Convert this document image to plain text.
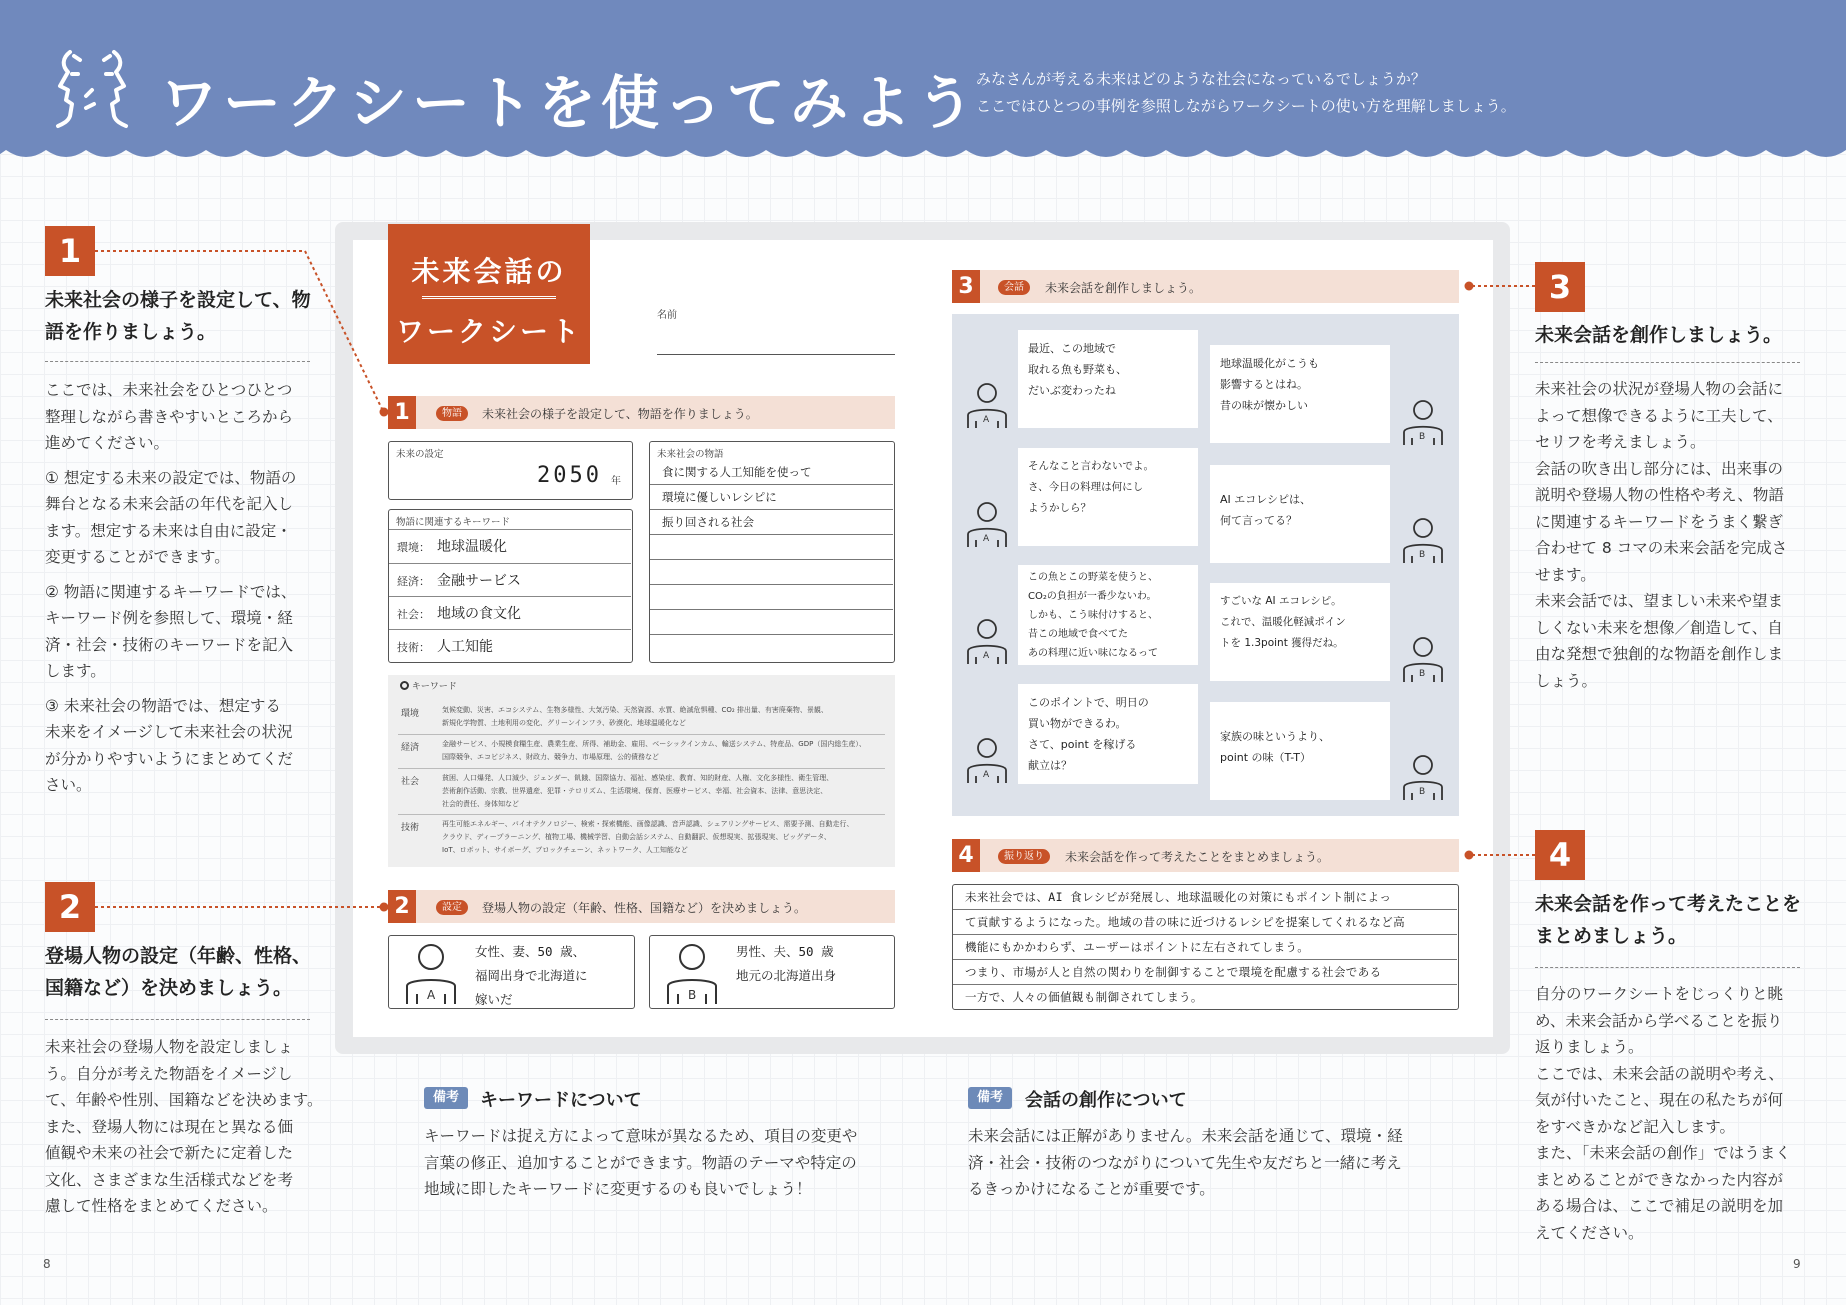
ワークシートを使ってみよう
みなさんが考える未来はどのような社会になっているでしょうか？
ここではひとつの事例を参照しながらワークシートの使い方を理解しましょう。
1
未来社会の様子を設定して、物
語を作りましょう。

ここでは、未来社会をひとつひとつ
整理しながら書きやすいところから
進めてください。

① 想定する未来の設定では、物語の
舞台となる未来会話の年代を記入し
ます。想定する未来は自由に設定・
変更することができます。

② 物語に関連するキーワードでは、
キーワード例を参照して、環境・経
済・社会・技術のキーワードを記入
します。

③ 未来社会の物語では、想定する
未来をイメージして未来社会の状況
が分かりやすいようにまとめてくだ
さい。

2
登場人物の設定（年齢、性格、
国籍など）を決めましょう。

未来社会の登場人物を設定しましょ
う。自分が考えた物語をイメージし
て、年齢や性別、国籍などを決めます。
また、登場人物には現在と異なる価
値観や未来の社会で新たに定着した
文化、さまざまな生活様式などを考
慮して性格をまとめてください。

3
未来会話を創作しましょう。

未来社会の状況が登場人物の会話に
よって想像できるように工夫して、
セリフを考えましょう。
会話の吹き出し部分には、出来事の
説明や登場人物の性格や考え、物語
に関連するキーワードをうまく繋ぎ
合わせて 8 コマの未来会話を完成さ
せます。
未来会話では、望ましい未来や望ま
しくない未来を想像／創造して、自
由な発想で独創的な物語を創作しま
しょう。

4
未来会話を作って考えたことを
まとめましょう。

自分のワークシートをじっくりと眺
め、未来会話から学べることを振り
返りましょう。
ここでは、未来会話の説明や考え、
気が付いたこと、現在の私たちが何
をすべきかなど記入します。
また、「未来会話の創作」ではうまく
まとめることができなかった内容が
ある場合は、ここで補足の説明を加
えてください。

未来会話の
ワークシート	名前
1	物語	未来社会の様子を設定して、物語を作りましょう。
未来の設定
2050 年
物語に関連するキーワード
環境： 地球温暖化
経済： 金融サービス
社会： 地域の食文化
技術： 人工知能
未来社会の物語
食に関する人工知能を使って
環境に優しいレシピに
振り回される社会
キーワード
環境	気候変動、災害、エコシステム、生物多様性、大気汚染、天然資源、水質、絶滅危惧種、CO₂ 排出量、有害廃棄物、景観、
新規化学物質、土地利用の変化、グリーンインフラ、砂漠化、地球温暖化など
経済	金融サービス、小規模食糧生産、農業生産、所得、補助金、雇用、ベーシックインカム、輸送システム、特産品、GDP（国内総生産）、
国際競争、エコビジネス、財政力、競争力、市場原理、公的債務など
社会	貧困、人口爆発、人口減少、ジェンダー、飢餓、国際協力、福祉、感染症、教育、知的財産、人権、文化多様性、衛生管理、
芸術創作活動、宗教、世界遺産、犯罪・テロリズム、生活環境、保育、医療サービス、幸福、社会資本、法律、意思決定、
社会的責任、身体知など
技術	再生可能エネルギー、バイオテクノロジー、検索・探索機能、画像認識、音声認識、シェアリングサービス、需要予測、自動走行、
クラウド、ディープラーニング、植物工場、機械学習、自動会話システム、自動翻訳、仮想現実、拡張現実、ビッグデータ、
IoT、ロボット、サイボーグ、ブロックチェーン、ネットワーク、人工知能など
2	設定	登場人物の設定（年齢、性格、国籍など）を決めましょう。
A
女性、妻、50 歳、
福岡出身で北海道に
嫁いだ	B
男性、夫、50 歳
地元の北海道出身
3	会話	未来会話を創作しましょう。
最近、この地域で
取れる魚も野菜も、
だいぶ変わったね
地球温暖化がこうも
影響するとはね。
昔の味が懐かしい
そんなこと言わないでよ。
さ、今日の料理は何にし
ようかしら？
AI エコレシピは、
何て言ってる？
この魚とこの野菜を使うと、
CO₂の負担が一番少ないわ。
しかも、こう味付けすると、
昔この地域で食べてた
あの料理に近い味になるって
すごいな AI エコレシピ。
これで、温暖化軽減ポイン
トを 1.3point 獲得だね。
このポイントで、明日の
買い物ができるわ。
さて、point を稼げる
献立は？
家族の味というより、
point の味（T-T）
A
B
A
B
A
B
A
B
4	振り返り	未来会話を作って考えたことをまとめましょう。
未来社会では、AI 食レシピが発展し、地球温暖化の対策にもポイント制によっ
て貢献するようになった。地域の昔の味に近づけるレシピを提案してくれるなど高
機能にもかかわらず、ユーザーはポイントに左右されてしまう。
つまり、市場が人と自然の関わりを制御することで環境を配慮する社会である
一方で、人々の価値観も制御されてしまう。
備考	キーワードについて
キーワードは捉え方によって意味が異なるため、項目の変更や
言葉の修正、追加することができます。物語のテーマや特定の
地域に即したキーワードに変更するのも良いでしょう！
備考	会話の創作について
未来会話には正解がありません。未来会話を通じて、環境・経
済・社会・技術のつながりについて先生や友だちと一緒に考え
るきっかけになることが重要です。
8	9
